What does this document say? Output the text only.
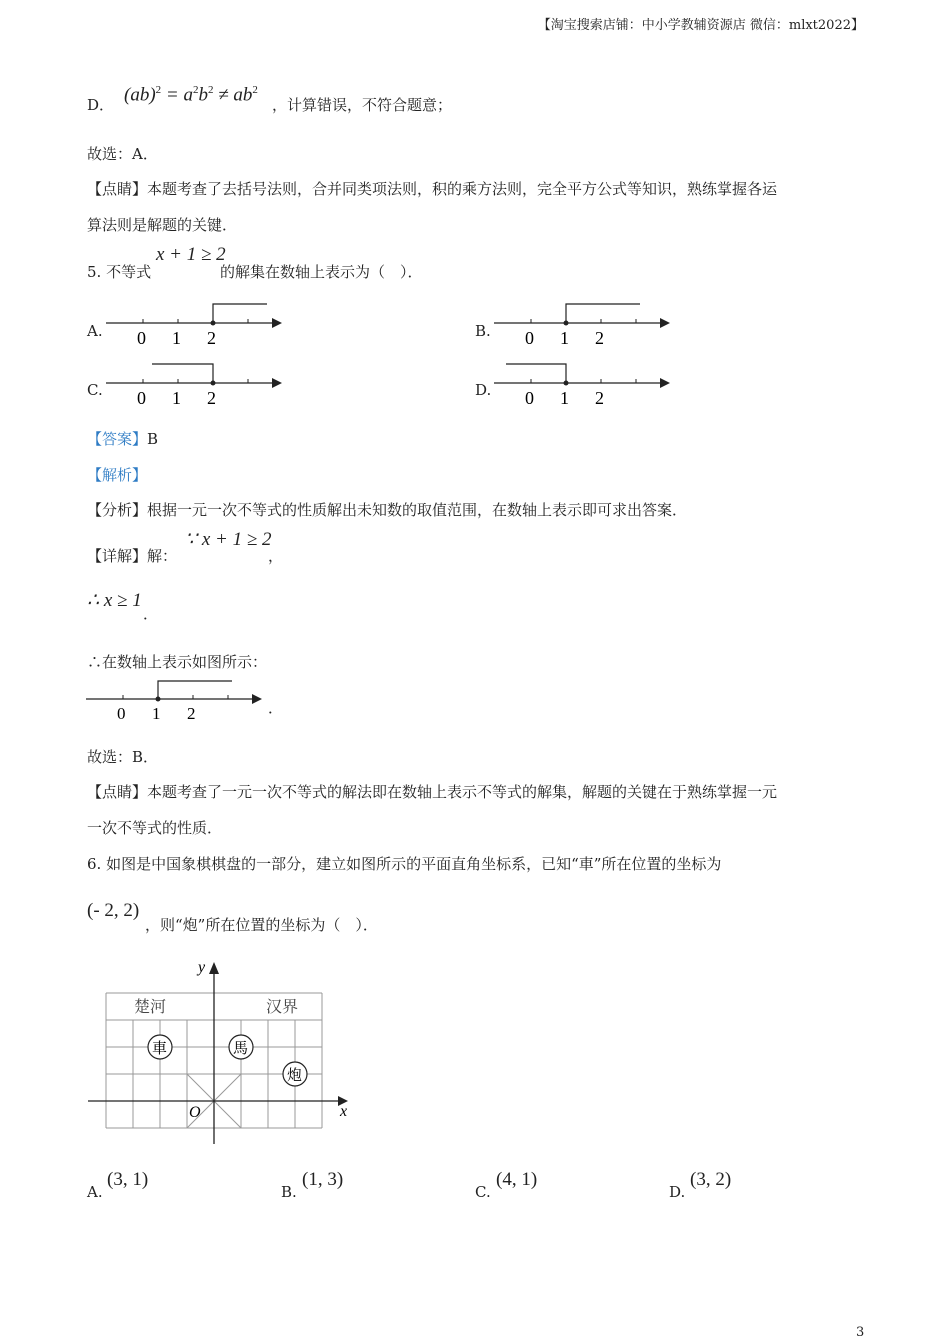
【淘宝搜索店铺：中小学教辅资源店 微信：mlxt2022】
D． $(ab)^2 = a^2b^2 \ne ab^2$
，计算错误，不符合题意；
故选：A．
【点睛】本题考查了去括号法则，合并同类项法则，积的乘方法则，完全平方公式等知识，熟练掌握各运
算法则是解题的关键．
5. 不等式
x + 1 ≥ 2
的解集在数轴上表示为（　）．
A.	B.
C.	D.
0 1 2	0 1 2
0 1 2	0 1 2
【答案】B
【解析】
【分析】根据一元一次不等式的性质解出未知数的取值范围，在数轴上表示即可求出答案．
【详解】解：
∵ x + 1 ≥ 2
，
∴ x ≥ 1
．
∴在数轴上表示如图所示：
0 1 2	．
故选：B．
【点睛】本题考查了一元一次不等式的解法即在数轴上表示不等式的解集，解题的关键在于熟练掌握一元
一次不等式的性质．
6. 如图是中国象棋棋盘的一部分，建立如图所示的平面直角坐标系，已知“車”所在位置的坐标为
(- 2, 2)
，则“炮”所在位置的坐标为（　）．
y
x
O
楚河	汉界
車	馬
炮
A.
(3, 1)
B.
(1, 3)
C.
(4, 1)
D.
(3, 2)
3
